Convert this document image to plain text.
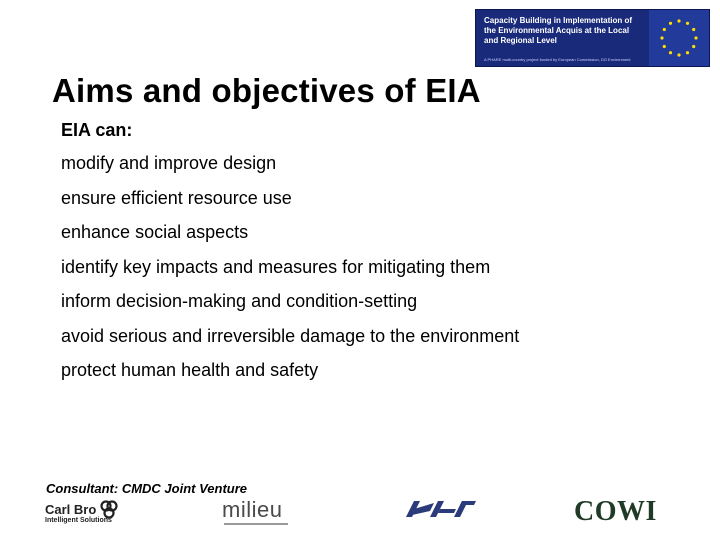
Capacity Building in Implementation of the Environmental Acquis at the Local and Regional Level
A PHARE multi-country project funded by European Commission, DG Environment
Aims and objectives of EIA
EIA can:
modify and improve design
ensure efficient resource use
enhance social aspects
identify key impacts and measures for mitigating them
inform decision-making and condition-setting
avoid serious and irreversible damage to the environment
protect human health and safety
Consultant: CMDC Joint Venture
Carl Bro
Intelligent Solutions	milieu	COWI
